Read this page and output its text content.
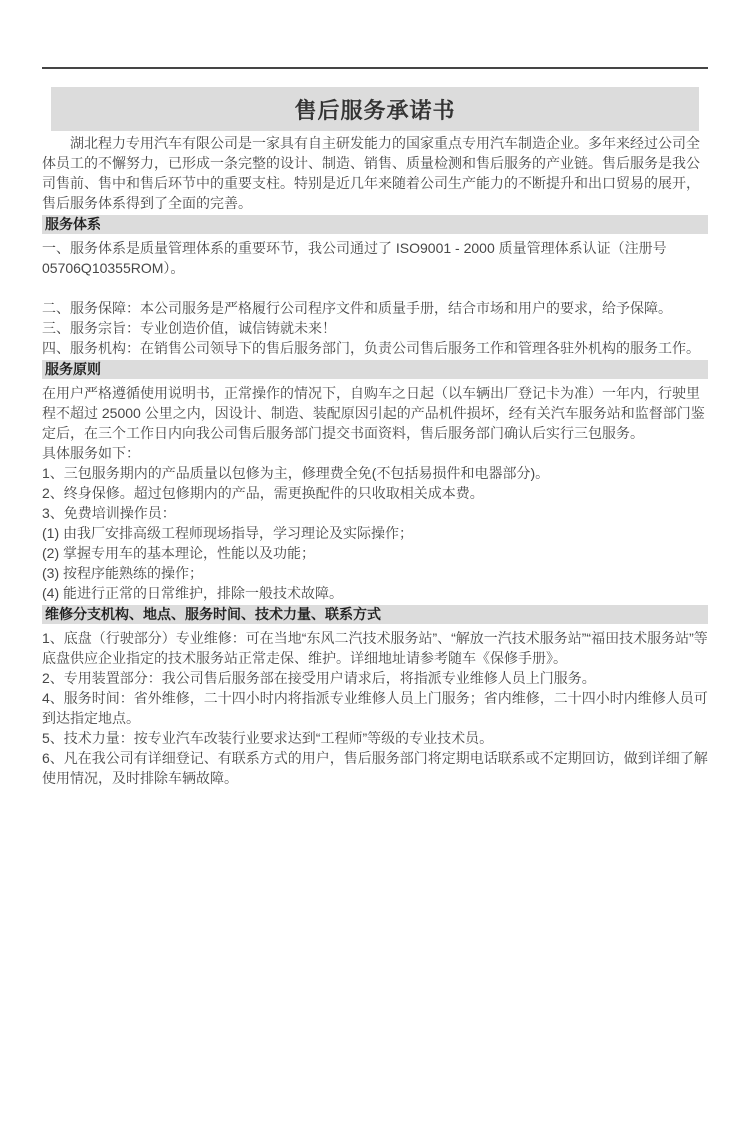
售后服务承诺书

湖北程力专用汽车有限公司是一家具有自主研发能力的国家重点专用汽车制造企业。多年来经过公司全体员工的不懈努力，已形成一条完整的设计、制造、销售、质量检测和售后服务的产业链。售后服务是我公司售前、售中和售后环节中的重要支柱。特别是近几年来随着公司生产能力的不断提升和出口贸易的展开，售后服务体系得到了全面的完善。

服务体系

一、服务体系是质量管理体系的重要环节，我公司通过了 ISO9001 - 2000 质量管理体系认证（注册号 05706Q10355ROM）。

二、服务保障：本公司服务是严格履行公司程序文件和质量手册，结合市场和用户的要求，给予保障。

三、服务宗旨：专业创造价值，诚信铸就未来！

四、服务机构：在销售公司领导下的售后服务部门，负责公司售后服务工作和管理各驻外机构的服务工作。

服务原则

在用户严格遵循使用说明书，正常操作的情况下，自购车之日起（以车辆出厂登记卡为准）一年内，行驶里程不超过 25000 公里之内，因设计、制造、装配原因引起的产品机件损坏，经有关汽车服务站和监督部门鉴定后，在三个工作日内向我公司售后服务部门提交书面资料，售后服务部门确认后实行三包服务。

具体服务如下：

1、三包服务期内的产品质量以包修为主，修理费全免(不包括易损件和电器部分)。

2、终身保修。超过包修期内的产品，需更换配件的只收取相关成本费。

3、免费培训操作员：

(1) 由我厂安排高级工程师现场指导，学习理论及实际操作；

(2) 掌握专用车的基本理论，性能以及功能；

(3) 按程序能熟练的操作；

(4) 能进行正常的日常维护，排除一般技术故障。

维修分支机构、地点、服务时间、技术力量、联系方式

1、底盘（行驶部分）专业维修：可在当地“东风二汽技术服务站”、“解放一汽技术服务站”“福田技术服务站”等底盘供应企业指定的技术服务站正常走保、维护。详细地址请参考随车《保修手册》。

2、专用装置部分：我公司售后服务部在接受用户请求后，将指派专业维修人员上门服务。

4、服务时间：省外维修，二十四小时内将指派专业维修人员上门服务；省内维修，二十四小时内维修人员可到达指定地点。

5、技术力量：按专业汽车改装行业要求达到“工程师”等级的专业技术员。

6、凡在我公司有详细登记、有联系方式的用户，售后服务部门将定期电话联系或不定期回访，做到详细了解使用情况，及时排除车辆故障。
